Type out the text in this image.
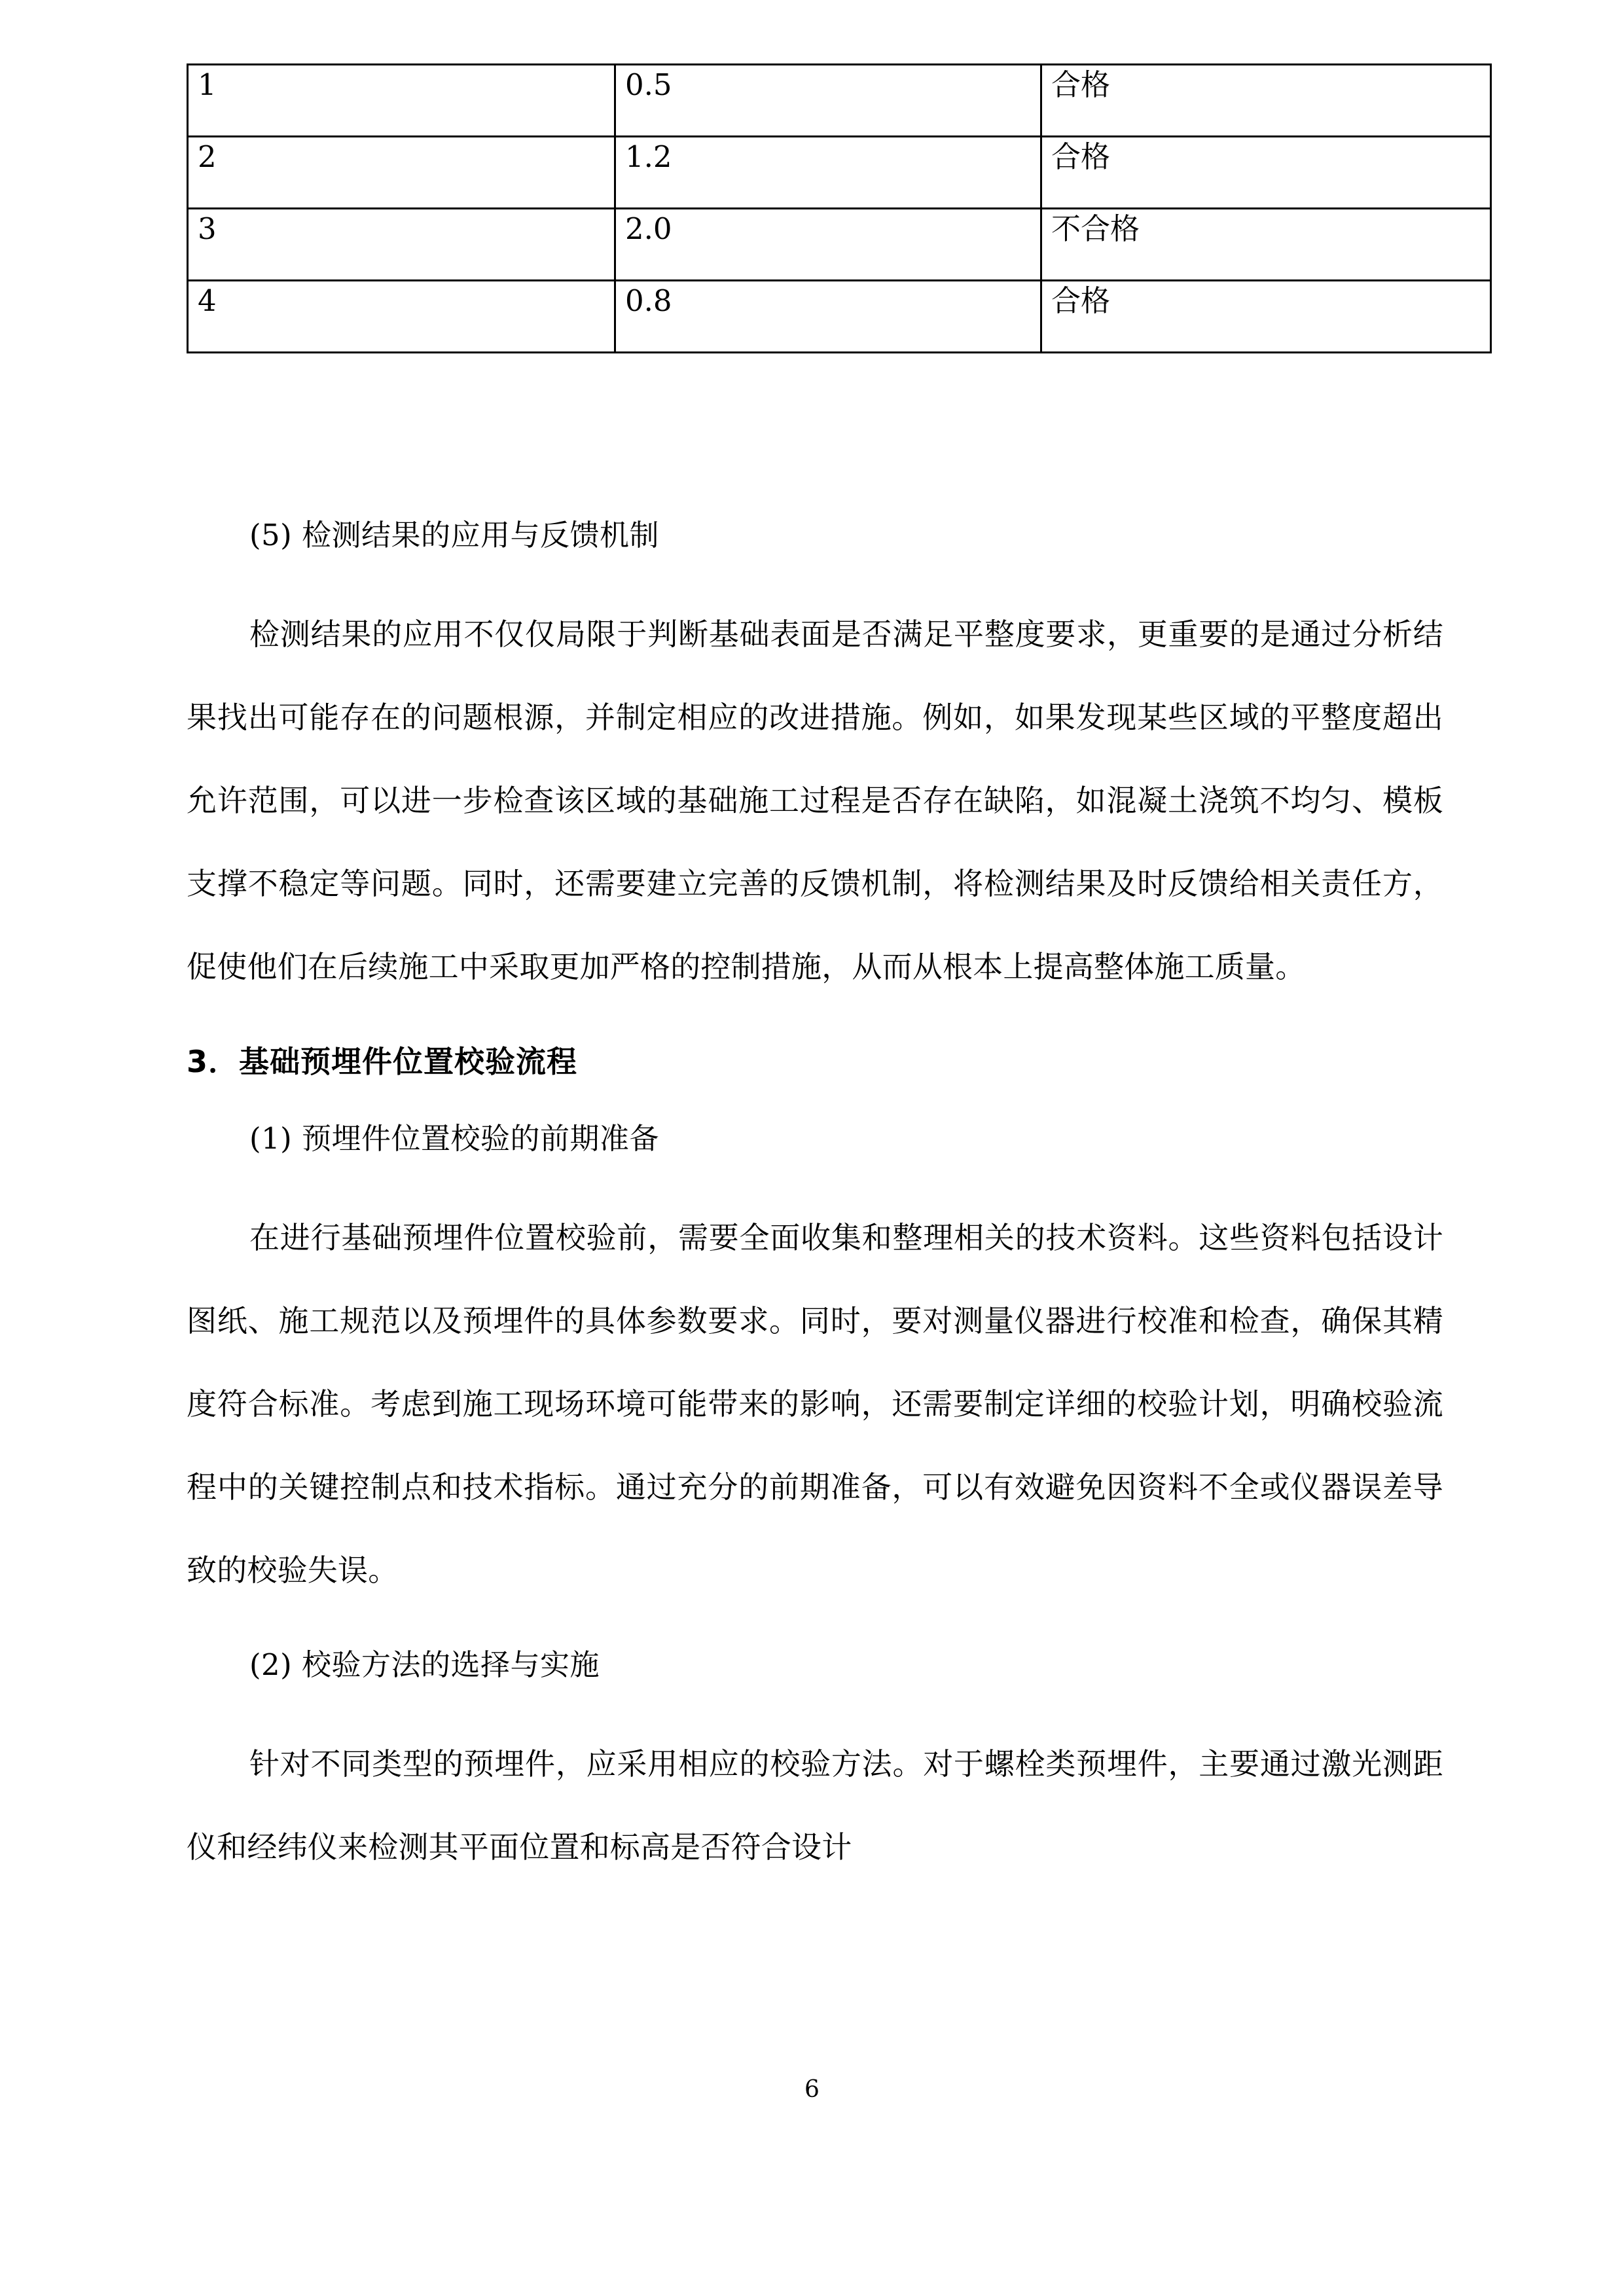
1	0.5	合格
2	1.2	合格
3	2.0	不合格
4	0.8	合格

(5) 检测结果的应用与反馈机制

检测结果的应用不仅仅局限于判断基础表面是否满足平整度要求，更重要的是通过分析结果找出可能存在的问题根源，并制定相应的改进措施。例如，如果发现某些区域的平整度超出允许范围，可以进一步检查该区域的基础施工过程是否存在缺陷，如混凝土浇筑不均匀、模板支撑不稳定等问题。同时，还需要建立完善的反馈机制，将检测结果及时反馈给相关责任方，促使他们在后续施工中采取更加严格的控制措施，从而从根本上提高整体施工质量。

3．基础预埋件位置校验流程

(1) 预埋件位置校验的前期准备

在进行基础预埋件位置校验前，需要全面收集和整理相关的技术资料。这些资料包括设计图纸、施工规范以及预埋件的具体参数要求。同时，要对测量仪器进行校准和检查，确保其精度符合标准。考虑到施工现场环境可能带来的影响，还需要制定详细的校验计划，明确校验流程中的关键控制点和技术指标。通过充分的前期准备，可以有效避免因资料不全或仪器误差导致的校验失误。

(2) 校验方法的选择与实施

针对不同类型的预埋件，应采用相应的校验方法。对于螺栓类预埋件，主要通过激光测距仪和经纬仪来检测其平面位置和标高是否符合设计

6
